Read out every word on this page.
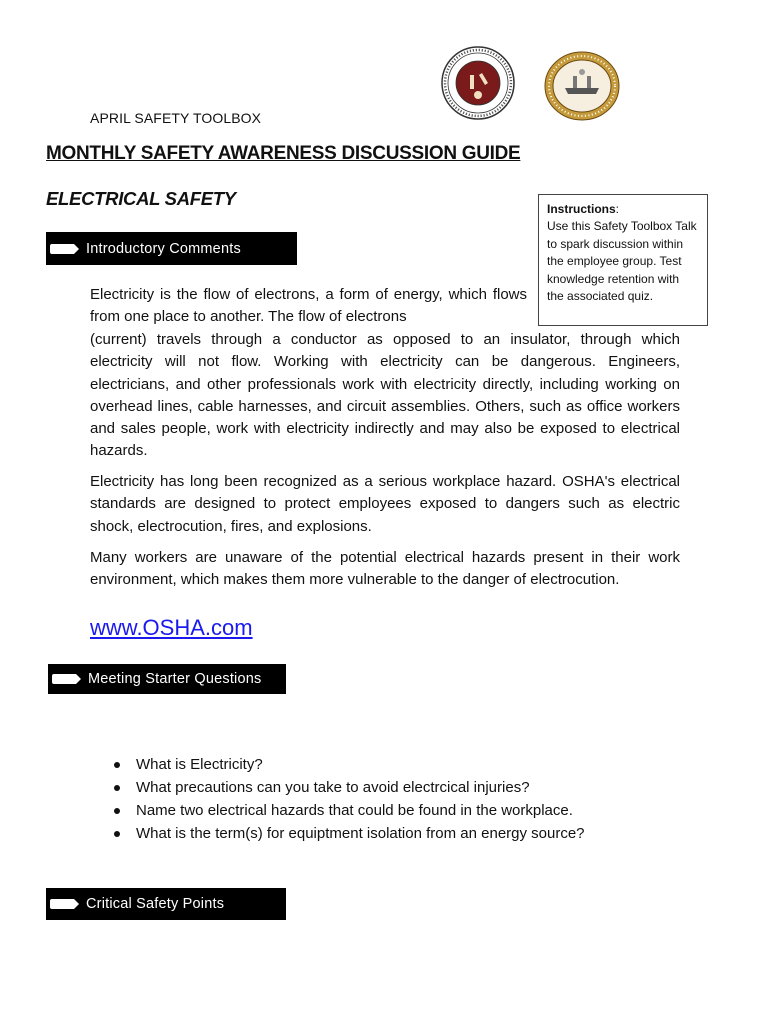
APRIL SAFETY TOOLBOX
MONTHLY SAFETY AWARENESS DISCUSSION GUIDE
ELECTRICAL SAFETY	Instructions:
Use this Safety Toolbox Talk to spark discussion within the employee group. Test knowledge retention with the associated quiz.
Introductory Comments
Electricity is the flow of electrons, a form of energy, which flows from one place to another. The flow of electrons
(current) travels through a conductor as opposed to an insulator, through which electricity will not flow. Working with electricity can be dangerous. Engineers, electricians, and other professionals work with electricity directly, including working on overhead lines, cable harnesses, and circuit assemblies. Others, such as office workers and sales people, work with electricity indirectly and may also be exposed to electrical hazards.
Electricity has long been recognized as a serious workplace hazard. OSHA's electrical standards are designed to protect employees exposed to dangers such as electric shock, electrocution, fires, and explosions.
Many workers are unaware of the potential electrical hazards present in their work environment, which makes them more vulnerable to the danger of electrocution.
www.OSHA.com
Meeting Starter Questions
What is Electricity?
What precautions can you take to avoid electrcical injuries?
Name two electrical hazards that could be found in the workplace.
What is the term(s) for equiptment isolation from an energy source?
Critical Safety Points
